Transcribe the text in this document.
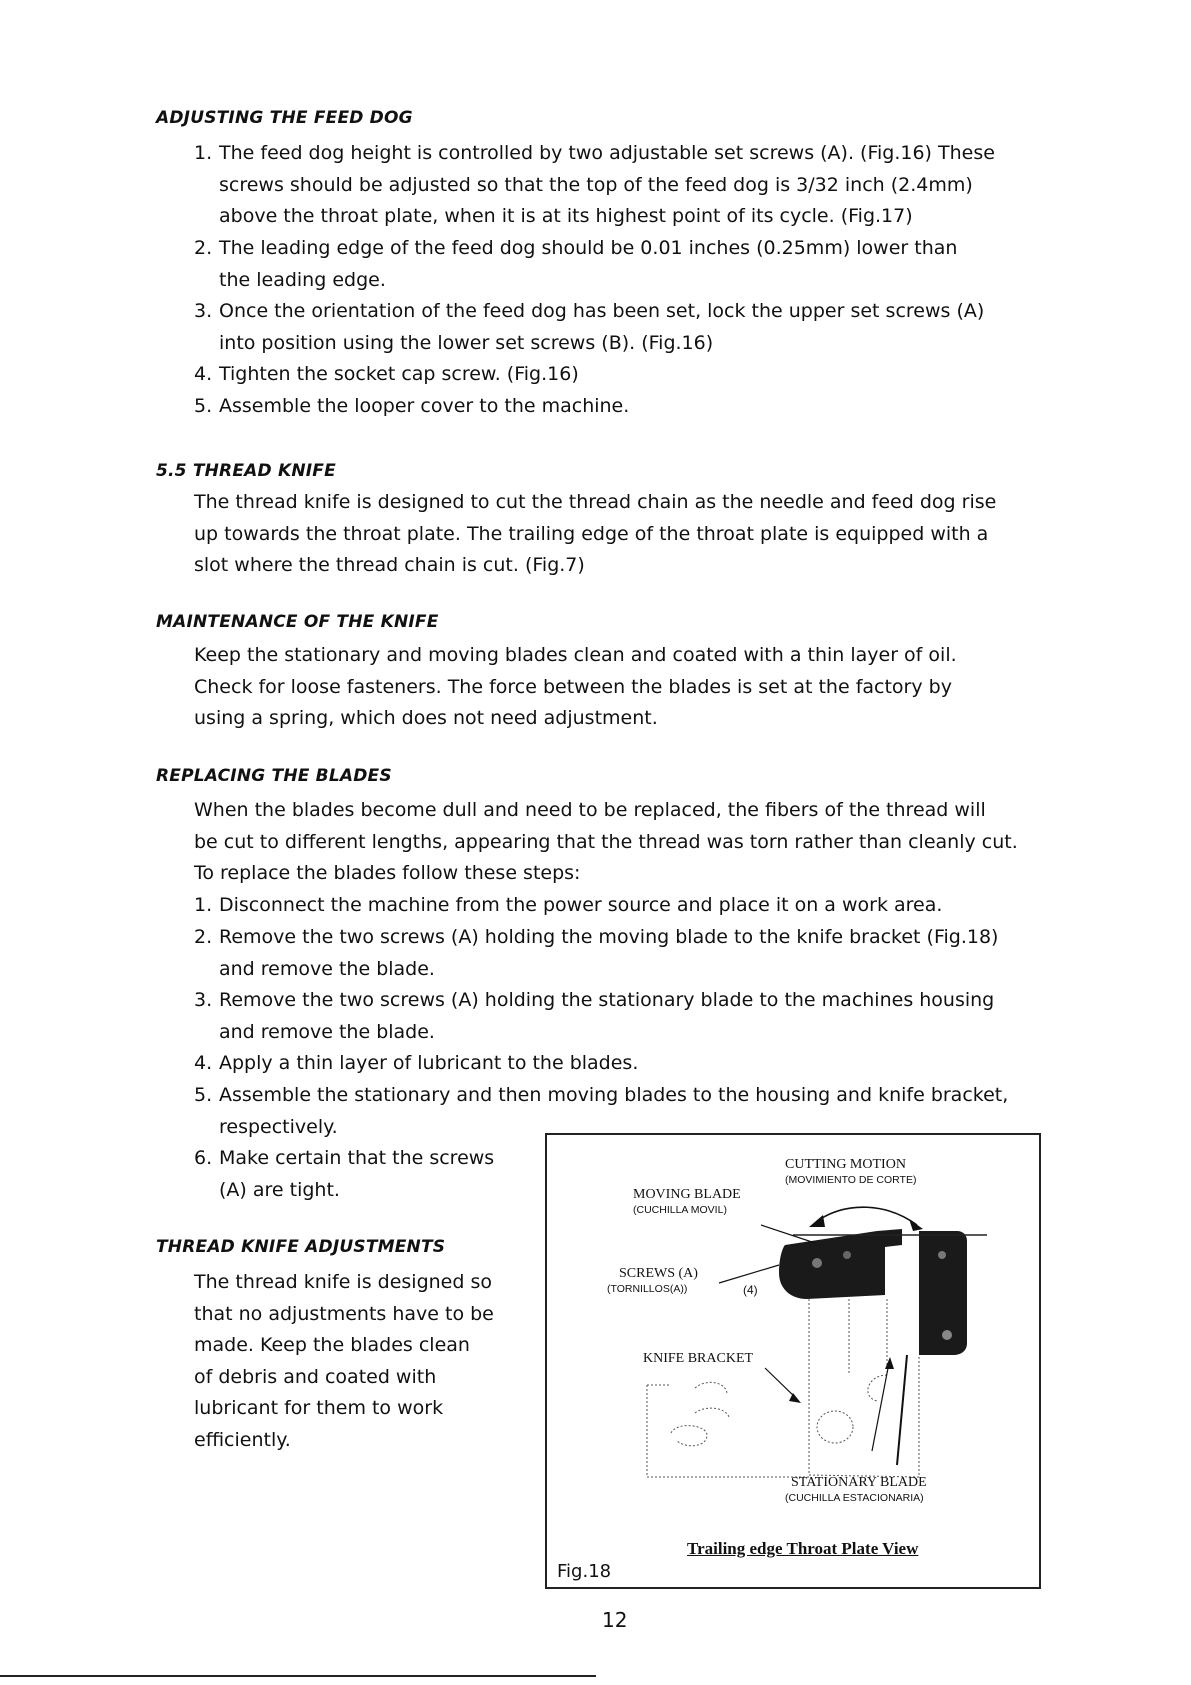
ADJUSTING THE FEED DOG
1. The feed dog height is controlled by two adjustable set screws (A). (Fig.16) These
screws should be adjusted so that the top of the feed dog is 3/32 inch (2.4mm)
above the throat plate, when it is at its highest point of its cycle. (Fig.17)
2. The leading edge of the feed dog should be 0.01 inches (0.25mm) lower than
the leading edge.
3. Once the orientation of the feed dog has been set, lock the upper set screws (A)
into position using the lower set screws (B). (Fig.16)
4. Tighten the socket cap screw. (Fig.16)
5. Assemble the looper cover to the machine.
5.5 THREAD KNIFE
The thread knife is designed to cut the thread chain as the needle and feed dog rise
up towards the throat plate. The trailing edge of the throat plate is equipped with a
slot where the thread chain is cut. (Fig.7)
MAINTENANCE OF THE KNIFE
Keep the stationary and moving blades clean and coated with a thin layer of oil.
Check for loose fasteners. The force between the blades is set at the factory by
using a spring, which does not need adjustment.
REPLACING THE BLADES
When the blades become dull and need to be replaced, the fibers of the thread will
be cut to different lengths, appearing that the thread was torn rather than cleanly cut.
To replace the blades follow these steps:
1. Disconnect the machine from the power source and place it on a work area.
2. Remove the two screws (A) holding the moving blade to the knife bracket (Fig.18)
and remove the blade.
3. Remove the two screws (A) holding the stationary blade to the machines housing
and remove the blade.
4. Apply a thin layer of lubricant to the blades.
5. Assemble the stationary and then moving blades to the housing and knife bracket,
respectively.
6. Make certain that the screws
(A) are tight.
THREAD KNIFE ADJUSTMENTS
The thread knife is designed so
that no adjustments have to be
made. Keep the blades clean
of debris and coated with
lubricant for them to work
efficiently.
CUTTING MOTION
(MOVIMIENTO DE CORTE)
MOVING BLADE
(CUCHILLA MOVIL)
SCREWS (A)
(TORNILLOS(A))	(4)
KNIFE BRACKET
STATIONARY BLADE
(CUCHILLA ESTACIONARIA)
Trailing edge Throat Plate View
Fig.18
12
